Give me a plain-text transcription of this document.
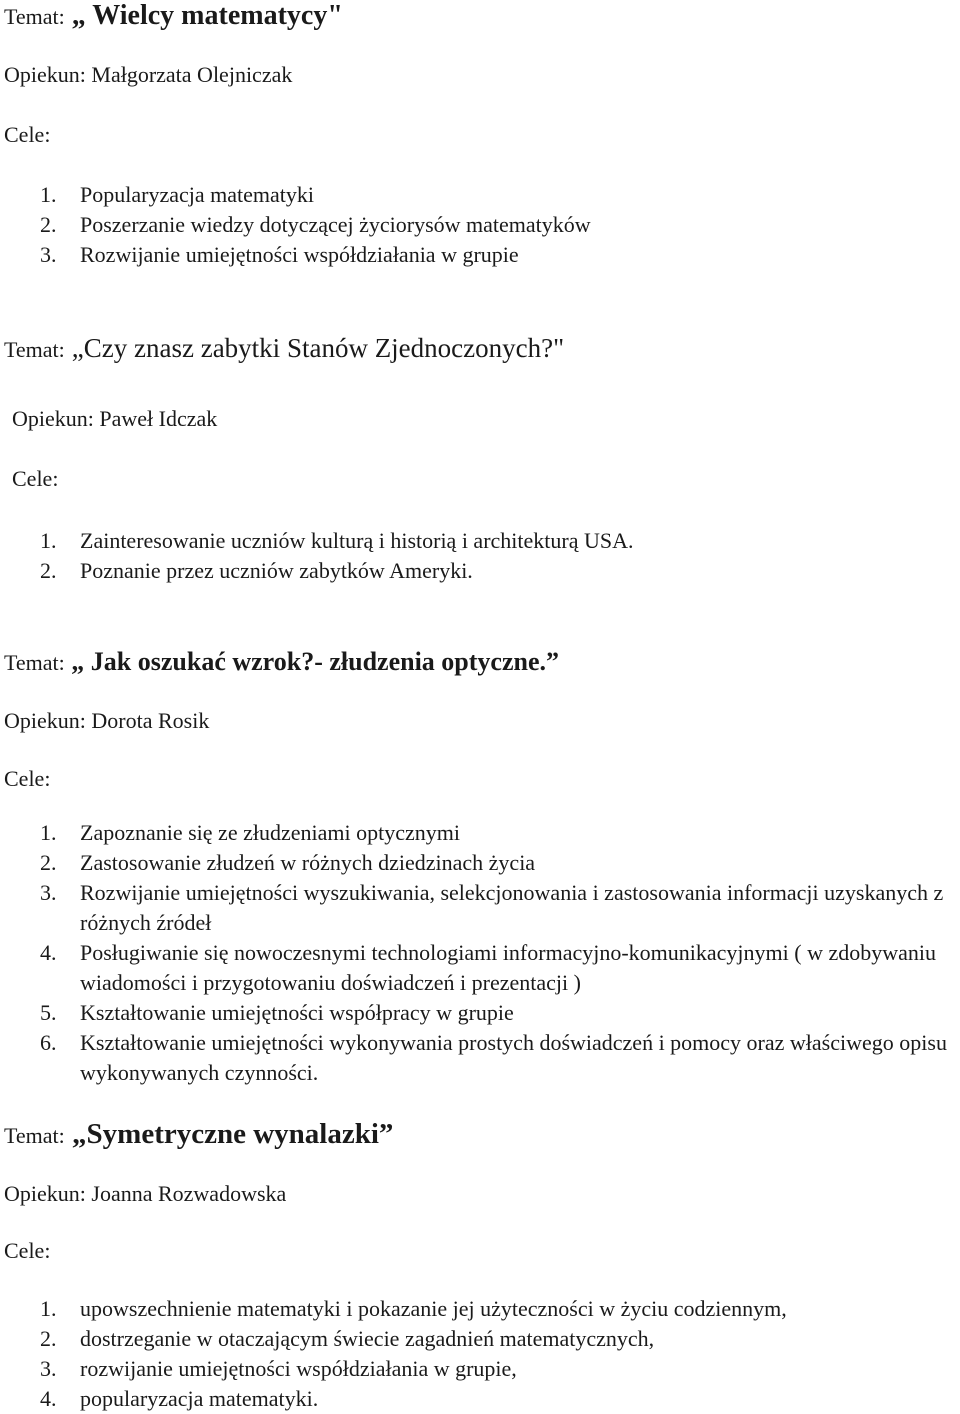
Temat: „ Wielcy matematycy"
Opiekun: Małgorzata Olejniczak
Cele:
1. Popularyzacja matematyki
2. Poszerzanie wiedzy dotyczącej życiorysów matematyków
3. Rozwijanie umiejętności współdziałania w grupie
Temat: „Czy znasz zabytki Stanów Zjednoczonych?"
Opiekun: Paweł Idczak
Cele:
1. Zainteresowanie uczniów kulturą i historią i architekturą USA.
2. Poznanie przez uczniów zabytków Ameryki.
Temat: „ Jak oszukać wzrok?- złudzenia optyczne.”
Opiekun: Dorota Rosik
Cele:
1. Zapoznanie się ze złudzeniami optycznymi
2. Zastosowanie złudzeń w różnych dziedzinach życia
3. Rozwijanie umiejętności wyszukiwania, selekcjonowania i zastosowania informacji uzyskanych z różnych źródeł
4. Posługiwanie się nowoczesnymi technologiami informacyjno-komunikacyjnymi ( w zdobywaniu wiadomości i przygotowaniu doświadczeń i prezentacji )
5. Kształtowanie umiejętności współpracy w grupie
6. Kształtowanie umiejętności wykonywania prostych doświadczeń i pomocy oraz właściwego opisu wykonywanych czynności.
Temat: „Symetryczne wynalazki”
Opiekun: Joanna Rozwadowska
Cele:
1. upowszechnienie matematyki i pokazanie jej użyteczności w życiu codziennym,
2. dostrzeganie w otaczającym świecie zagadnień matematycznych,
3. rozwijanie umiejętności współdziałania w grupie,
4. popularyzacja matematyki.
